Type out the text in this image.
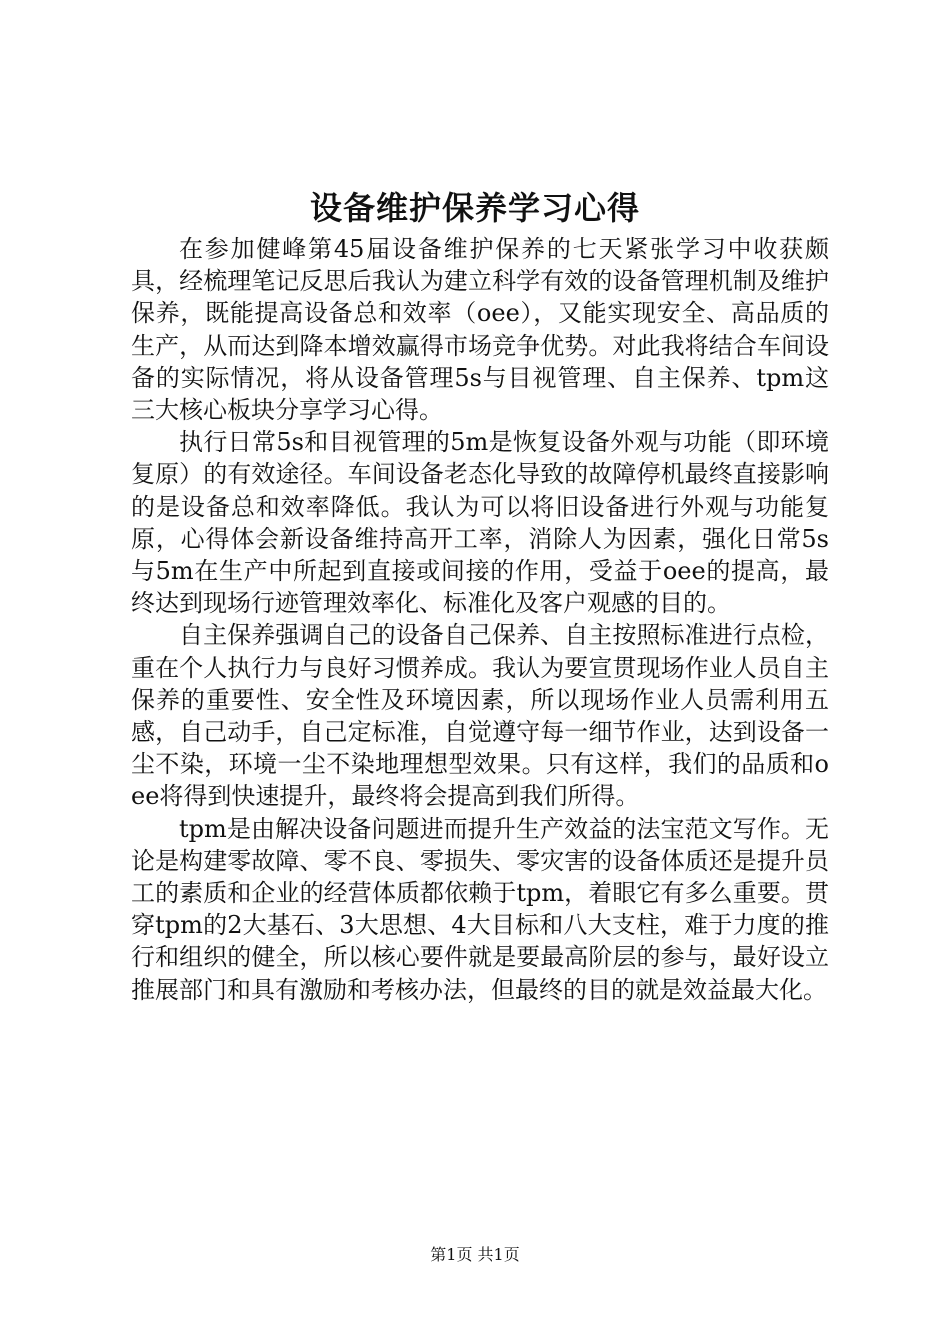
设备维护保养学习心得

在参加健峰第45届设备维护保养的七天紧张学习中收获颇具，经梳理笔记反思后我认为建立科学有效的设备管理机制及维护保养，既能提高设备总和效率（oee），又能实现安全、高品质的生产，从而达到降本增效赢得市场竞争优势。对此我将结合车间设备的实际情况，将从设备管理5s与目视管理、自主保养、tpm这三大核心板块分享学习心得。

执行日常5s和目视管理的5m是恢复设备外观与功能（即环境复原）的有效途径。车间设备老态化导致的故障停机最终直接影响的是设备总和效率降低。我认为可以将旧设备进行外观与功能复原，心得体会新设备维持高开工率，消除人为因素，强化日常5s与5m在生产中所起到直接或间接的作用，受益于oee的提高，最终达到现场行迹管理效率化、标准化及客户观感的目的。

自主保养强调自己的设备自己保养、自主按照标准进行点检，重在个人执行力与良好习惯养成。我认为要宣贯现场作业人员自主保养的重要性、安全性及环境因素，所以现场作业人员需利用五感，自己动手，自己定标准，自觉遵守每一细节作业，达到设备一尘不染，环境一尘不染地理想型效果。只有这样，我们的品质和oee将得到快速提升，最终将会提高到我们所得。

tpm是由解决设备问题进而提升生产效益的法宝范文写作。无论是构建零故障、零不良、零损失、零灾害的设备体质还是提升员工的素质和企业的经营体质都依赖于tpm，着眼它有多么重要。贯穿tpm的2大基石、3大思想、4大目标和八大支柱，难于力度的推行和组织的健全，所以核心要件就是要最高阶层的参与，最好设立推展部门和具有激励和考核办法，但最终的目的就是效益最大化。

第1页 共1页
